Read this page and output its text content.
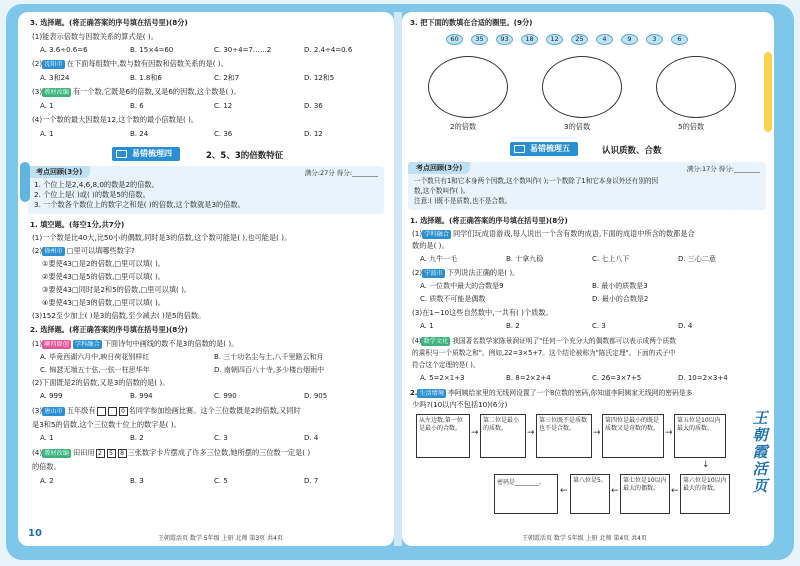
3. 选择题。(将正确答案的序号填在括号里)(8分)
(1)能表示倍数与因数关系的算式是( )。
A. 3.6÷0.6=6	B. 15×4=60	C. 30÷4=7……2	D. 2.4÷4=0.6
(2) 沈阳市 在下面每组数中,数与数有因数和倍数关系的是( )。
A. 3和24	B. 1.8和6	C. 2和7	D. 12和5
(3) 教材改编 有一个数,它既是6的倍数,又是6的因数,这个数是( )。
A. 1	B. 6	C. 12	D. 36
(4)一个数的最大因数是12,这个数的最小倍数是( )。
A. 1	B. 24	C. 36	D. 12
易错梳理四	2、5、3的倍数特征
考点回顾(3分)	满分:27分 得分:________
1. 个位上是2,4,6,8,0的数是2的倍数。
2. 个位上是( )或( )的数是5的倍数。
3. 一个数各个数位上的数字之和是( )的倍数,这个数就是3的倍数。
1. 填空题。(每空1分,共7分)
(1)一个数是比40大,比50小的偶数,同时是3的倍数,这个数可能是( ),也可能是( )。
(2) 徐州市 □里可以填哪些数字?
①要使43□是2的倍数,□里可以填( )。
②要使43□是5的倍数,□里可以填( )。
③要使43□同时是2和5的倍数,□里可以填( )。
④要使43□是3的倍数,□里可以填( )。
(3)152至少加上( )是3的倍数,至少减去( )是5的倍数。
2. 选择题。(将正确答案的序号填在括号里)(8分)
(1) 聊四原创 学科融合 下面诗句中画线的数不是3的倍数的是( )。
A. 毕竟西湖六月中,映日荷花别样红	B. 三十功名尘与土,八千里路云和月
C. 锦瑟无端五十弦,一弦一柱思华年	D. 南朝四百八十寺,多少楼台烟雨中
(2)下面既是2的倍数,又是3的倍数的是( )。
A. 999	B. 994	C. 990	D. 905
(3) 唐山市 五年级有	0 名同学参加绘画比赛。这个三位数既是2的倍数,又同时
是3和5的倍数,这个三位数十位上的数字是( )。
A. 1	B. 2	C. 3	D. 4
(4) 教材改编 田田用 2 5 8 三张数字卡片摆成了许多三位数,她所摆的三位数一定是( )
的倍数。
A. 2	B. 3	C. 5	D. 7
10	王朝霞活页 数学 5年级 上册 北师 第3页 共4页
3. 把下面的数填在合适的圈里。(9分)
60	35	93	18	12	25	4	9	3	6
2的倍数	3的倍数	5的倍数
易错梳理五	认识质数、合数
考点回顾(3分)	满分:17分 得分:________
一个数只有1和它本身两个因数,这个数叫作( );一个数除了1和它本身以外还有别的因
数,这个数叫作( )。
注意:( )既不是质数,也不是合数。
1. 选择题。(将正确答案的序号填在括号里)(8分)
(1) 学科融合 同学们玩成语游戏,每人说出一个含有数的成语,下面的成语中所含的数都是合
数的是( )。
A. 九牛一毛	B. 十拿九稳	C. 七上八下	D. 三心二意
(2) 宁波市 下列说法正确的是( )。
A. 一位数中最大的合数是9	B. 最小的质数是3
C. 质数不可能是偶数	D. 最小的合数是2
(3)在1~10这些自然数中,一共有( )个质数。
A. 1	B. 2	C. 3	D. 4
(4) 数学文化 我国著名数学家陈景润证明了"任何一个充分大的偶数都可以表示成两个质数
的乘积与一个质数之和"。例如,22=3×5+7。这个结论被称为"陈氏定理"。下面的式子中
符合这个定理的是( )。
A. 5=2×1+3	B. 8=2×2+4	C. 26=3×7+5	D. 10=2×3+4
2. 生活情境 李阿姨给家里的无线网设置了一个8位数的密码,你知道李阿姨家无线网的密码是多
少吗?(10以内不包括10)(6分)
从左边数,第一位是最小的合数。	→
第二位是最小的质数。	→
第三位既不是质数也不是合数。	→
第四位是最小的既是质数又是奇数的数。 →
第五位是10以内最大的质数。
↓
密码是________。
←
第八位是5。
←
第七位是10以内最大的偶数。	←
第六位是10以内最大的奇数。
王朝霞活页 数学 5年级 上册 北师 第4页 共4页
王朝霞活页
